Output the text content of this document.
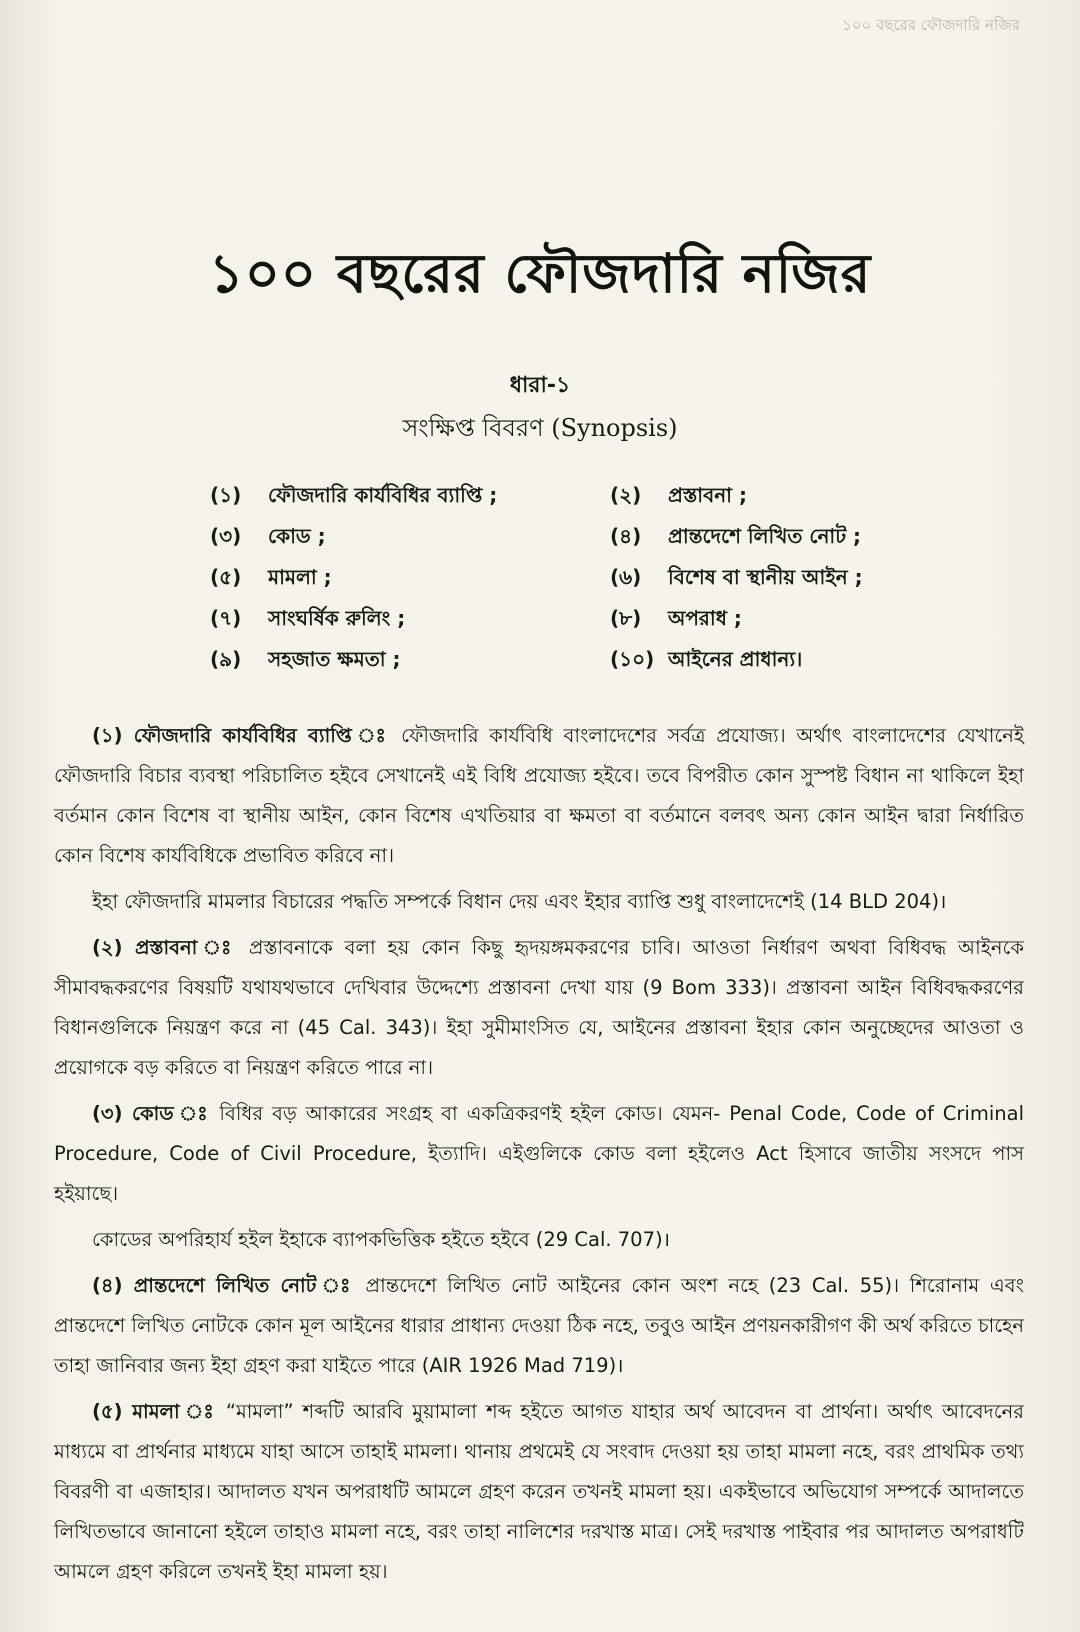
১০০ বছরের ফৌজদারি নজির
১০০ বছরের ফৌজদারি নজির
ধারা-১
সংক্ষিপ্ত বিবরণ (Synopsis)
(১)	ফৌজদারি কার্যবিধির ব্যাপ্তি ;	(২)	প্রস্তাবনা ;
(৩)	কোড ;	(৪)	প্রান্তদেশে লিখিত নোট ;
(৫)	মামলা ;	(৬)	বিশেষ বা স্থানীয় আইন ;
(৭)	সাংঘর্ষিক রুলিং ;	(৮)	অপরাধ ;
(৯)	সহজাত ক্ষমতা ;	(১০) আইনের প্রাধান্য।

(১) ফৌজদারি কার্যবিধির ব্যাপ্তি ঃ ফৌজদারি কার্যবিধি বাংলাদেশের সর্বত্র প্রযোজ্য। অর্থাৎ বাংলাদেশের যেখানেই ফৌজদারি বিচার ব্যবস্থা পরিচালিত হইবে সেখানেই এই বিধি প্রযোজ্য হইবে। তবে বিপরীত কোন সুস্পষ্ট বিধান না থাকিলে ইহা বর্তমান কোন বিশেষ বা স্থানীয় আইন, কোন বিশেষ এখতিয়ার বা ক্ষমতা বা বর্তমানে বলবৎ অন্য কোন আইন দ্বারা নির্ধারিত কোন বিশেষ কার্যবিধিকে প্রভাবিত করিবে না।

ইহা ফৌজদারি মামলার বিচারের পদ্ধতি সম্পর্কে বিধান দেয় এবং ইহার ব্যাপ্তি শুধু বাংলাদেশেই (14 BLD 204)।

(২) প্রস্তাবনা ঃ প্রস্তাবনাকে বলা হয় কোন কিছু হৃদয়ঙ্গমকরণের চাবি। আওতা নির্ধারণ অথবা বিধিবদ্ধ আইনকে সীমাবদ্ধকরণের বিষয়টি যথাযথভাবে দেখিবার উদ্দেশ্যে প্রস্তাবনা দেখা যায় (9 Bom 333)। প্রস্তাবনা আইন বিধিবদ্ধকরণের বিধানগুলিকে নিয়ন্ত্রণ করে না (45 Cal. 343)। ইহা সুমীমাংসিত যে, আইনের প্রস্তাবনা ইহার কোন অনুচ্ছেদের আওতা ও প্রয়োগকে বড় করিতে বা নিয়ন্ত্রণ করিতে পারে না।

(৩) কোড ঃ বিধির বড় আকারের সংগ্রহ বা একত্রিকরণই হইল কোড। যেমন- Penal Code, Code of Criminal Procedure, Code of Civil Procedure, ইত্যাদি। এইগুলিকে কোড বলা হইলেও Act হিসাবে জাতীয় সংসদে পাস হইয়াছে।

কোডের অপরিহার্য হইল ইহাকে ব্যাপকভিত্তিক হইতে হইবে (29 Cal. 707)।

(৪) প্রান্তদেশে লিখিত নোট ঃ প্রান্তদেশে লিখিত নোট আইনের কোন অংশ নহে (23 Cal. 55)। শিরোনাম এবং প্রান্তদেশে লিখিত নোটকে কোন মূল আইনের ধারার প্রাধান্য দেওয়া ঠিক নহে, তবুও আইন প্রণয়নকারীগণ কী অর্থ করিতে চাহেন তাহা জানিবার জন্য ইহা গ্রহণ করা যাইতে পারে (AIR 1926 Mad 719)।

(৫) মামলা ঃ “মামলা” শব্দটি আরবি মুয়ামালা শব্দ হইতে আগত যাহার অর্থ আবেদন বা প্রার্থনা। অর্থাৎ আবেদনের মাধ্যমে বা প্রার্থনার মাধ্যমে যাহা আসে তাহাই মামলা। থানায় প্রথমেই যে সংবাদ দেওয়া হয় তাহা মামলা নহে, বরং প্রাথমিক তথ্য বিবরণী বা এজাহার। আদালত যখন অপরাধটি আমলে গ্রহণ করেন তখনই মামলা হয়। একইভাবে অভিযোগ সম্পর্কে আদালতে লিখিতভাবে জানানো হইলে তাহাও মামলা নহে, বরং তাহা নালিশের দরখাস্ত মাত্র। সেই দরখাস্ত পাইবার পর আদালত অপরাধটি আমলে গ্রহণ করিলে তখনই ইহা মামলা হয়।
